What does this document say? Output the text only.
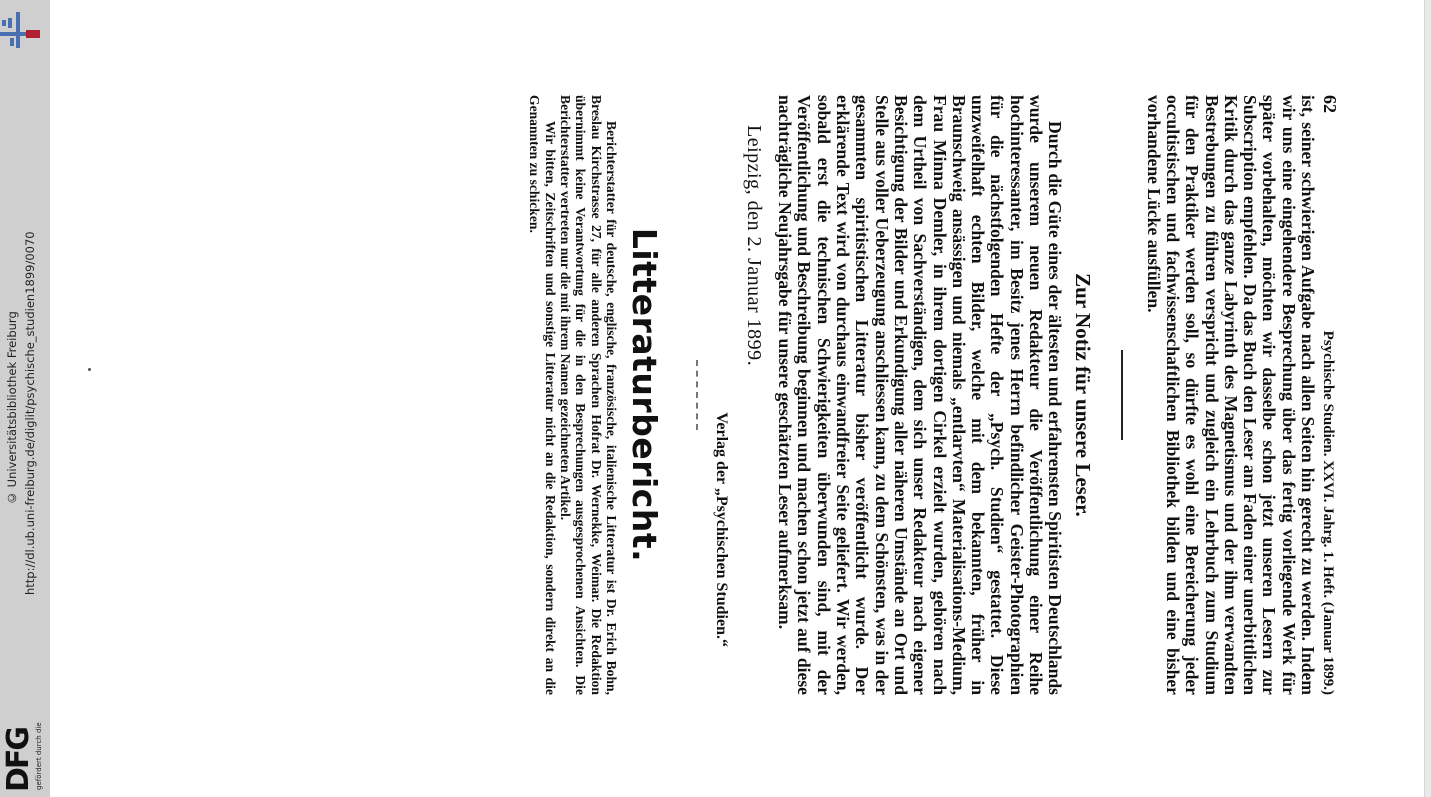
http://dl.ub.uni-freiburg.de/diglit/psychische_studien1899/0070
© Universitätsbibliothek Freiburg
DFG gefördert durch die
62
Psychische Studien. XXVI. Jahrg. 1. Heft. (Januar 1899.)

ist, seiner schwierigen Aufgabe nach allen Seiten hin gerecht zu werden. Indem wir uns eine eingehendere Besprechung über das fertig vorliegende Werk für später vorbehalten, möchten wir dasselbe schon jetzt unseren Lesern zur Subscription empfehlen. Da das Buch den Leser am Faden einer unerbittlichen Kritik durch das ganze Labyrinth des Magnetismus und der ihm verwandten Bestrebungen zu führen verspricht und zugleich ein Lehrbuch zum Studium für den Praktiker werden soll, so dürfte es wohl eine Bereicherung jeder occultistischen und fachwissenschaftlichen Bibliothek bilden und eine bisher vorhandene Lücke ausfüllen.

Zur Notiz für unsere Leser.

Durch die Güte eines der ältesten und erfahrensten Spiritisten Deutschlands wurde unserem neuen Redakteur die Veröffentlichung einer Reihe hochinteressanter, im Besitz jenes Herrn befindlicher Geister-Photographien für die nächstfolgenden Hefte der „Psych. Studien“ gestattet. Diese unzweifelhaft echten Bilder, welche mit dem bekannten, früher in Braunschweig ansässigen und niemals „entlarvten“ Materialisations-Medium, Frau Minna Demler, in ihrem dortigen Cirkel erzielt wurden, gehören nach dem Urtheil von Sachverständigen, dem sich unser Redakteur nach eigener Besichtigung der Bilder und Erkundigung aller näheren Umstände an Ort und Stelle aus voller Ueberzeugung anschliessen kann, zu dem Schönsten, was in der gesammten spiritistischen Litteratur bisher veröffentlicht wurde. Der erklärende Text wird von durchaus einwandfreier Seite geliefert. Wir werden, sobald erst die technischen Schwierigkeiten überwunden sind, mit der Veröffentlichung und Beschreibung beginnen und machen schon jetzt auf diese nachträgliche Neujahrsgabe für unsere geschätzten Leser aufmerksam.

Leipzig, den 2. Januar 1899.
Verlag der „Psychischen Studien.“
Litteraturbericht.

Berichterstatter für deutsche, englische, französische, italienische Litteratur ist Dr. Erich Bohn, Breslau Kirchstrasse 27, für alle anderen Sprachen Hofrat Dr. Wernekke, Weimar. Die Redaktion übernimmt keine Verantwortung für die in den Besprechungen ausgesprochenen Ansichten. Die Berichterstatter vertreten nur die mit ihrem Namen gezeichneten Artikel.

Wir bitten, Zeitschriften und sonstige Litteratur nicht an die Redaktion, sondern direkt an die Genannten zu schicken.
